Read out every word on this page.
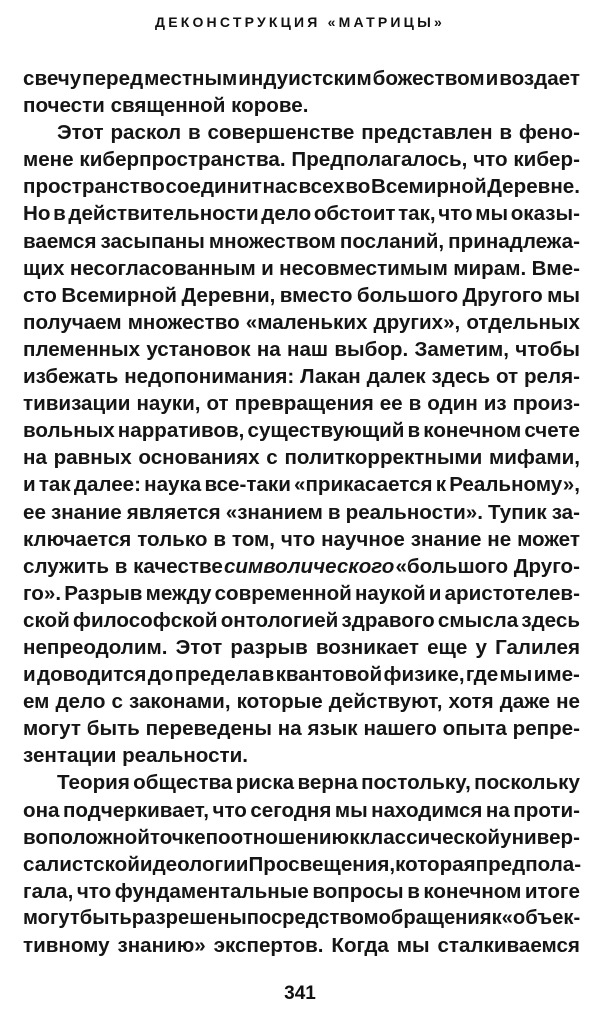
ДЕКОНСТРУКЦИЯ «МАТРИЦЫ»
свечу перед местным индуистским божеством и воздает
почести священной корове.
Этот раскол в совершенстве представлен в фено-
мене киберпространства. Предполагалось, что кибер-
пространство соединит нас всех во Всемирной Деревне.
Но в действительности дело обстоит так, что мы оказы-
ваемся засыпаны множеством посланий, принадлежа-
щих несогласованным и несовместимым мирам. Вме-
сто Всемирной Деревни, вместо большого Другого мы
получаем множество «маленьких других», отдельных
племенных установок на наш выбор. Заметим, чтобы
избежать недопонимания: Лакан далек здесь от реля-
тивизации науки, от превращения ее в один из произ-
вольных нарративов, существующий в конечном счете
на равных основаниях с политкорректными мифами,
и так далее: наука все-таки «прикасается к Реальному»,
ее знание является «знанием в реальности». Тупик за-
ключается только в том, что научное знание не может
служить в качестве символического «большого Друго-
го». Разрыв между современной наукой и аристотелев-
ской философской онтологией здравого смысла здесь
непреодолим. Этот разрыв возникает еще у Галилея
и доводится до предела в квантовой физике, где мы име-
ем дело с законами, которые действуют, хотя даже не
могут быть переведены на язык нашего опыта репре-
зентации реальности.
Теория общества риска верна постольку, поскольку
она подчеркивает, что сегодня мы находимся на проти-
воположной точке по отношению к классической универ-
салистской идеологии Просвещения, которая предпола-
гала, что фундаментальные вопросы в конечном итоге
могут быть разрешены посредством обращения к «объек-
тивному знанию» экспертов. Когда мы сталкиваемся
341
